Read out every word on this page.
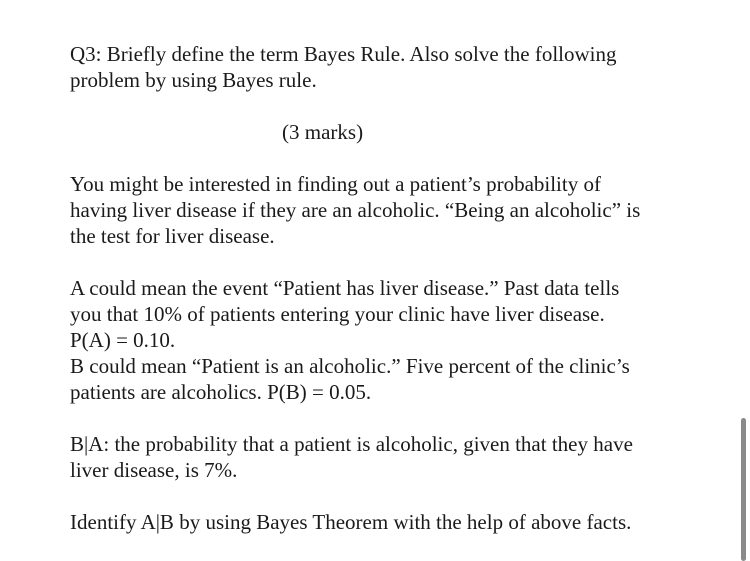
Q3: Briefly define the term Bayes Rule. Also solve the following
problem by using Bayes rule.
(3 marks)
You might be interested in finding out a patient’s probability of
having liver disease if they are an alcoholic. “Being an alcoholic” is
the test for liver disease.
A could mean the event “Patient has liver disease.” Past data tells
you that 10% of patients entering your clinic have liver disease.
P(A) = 0.10.
B could mean “Patient is an alcoholic.” Five percent of the clinic’s
patients are alcoholics. P(B) = 0.05.
B|A: the probability that a patient is alcoholic, given that they have
liver disease, is 7%.
Identify A|B by using Bayes Theorem with the help of above facts.
